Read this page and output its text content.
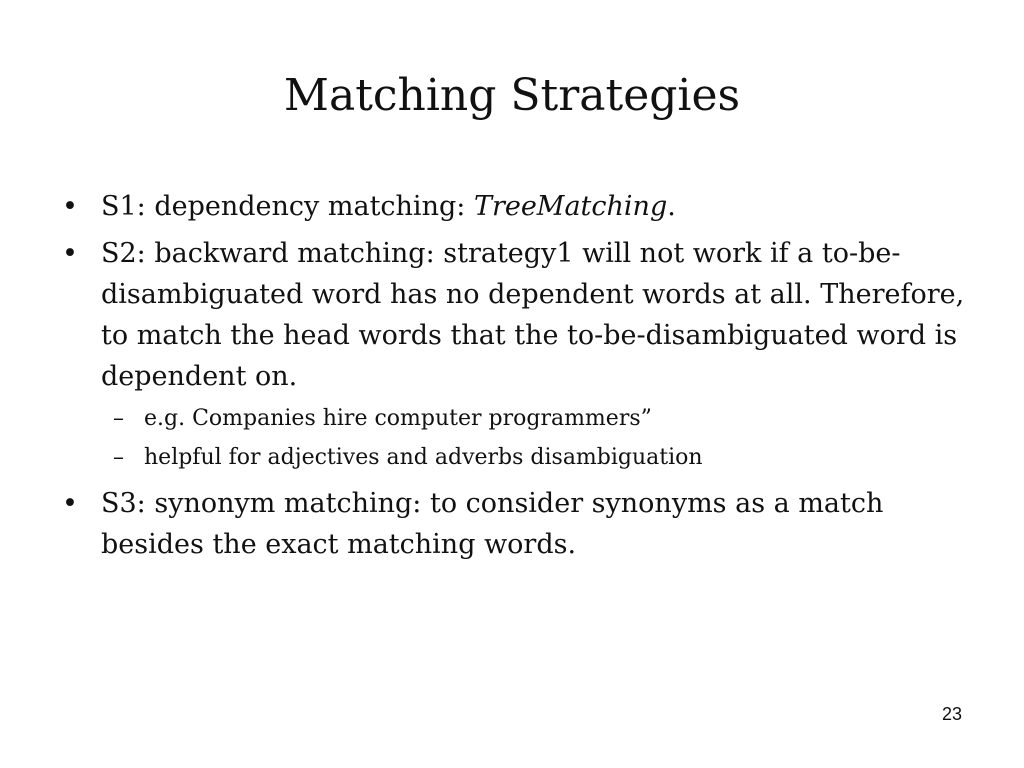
Matching Strategies
• S1: dependency matching: TreeMatching.
• S2: backward matching: strategy1 will not work if a to-be-disambiguated word has no dependent words at all. Therefore, to match the head words that the to-be-disambiguated word is dependent on.
– e.g. Companies hire computer programmers”
– helpful for adjectives and adverbs disambiguation
• S3: synonym matching: to consider synonyms as a match besides the exact matching words.
23
